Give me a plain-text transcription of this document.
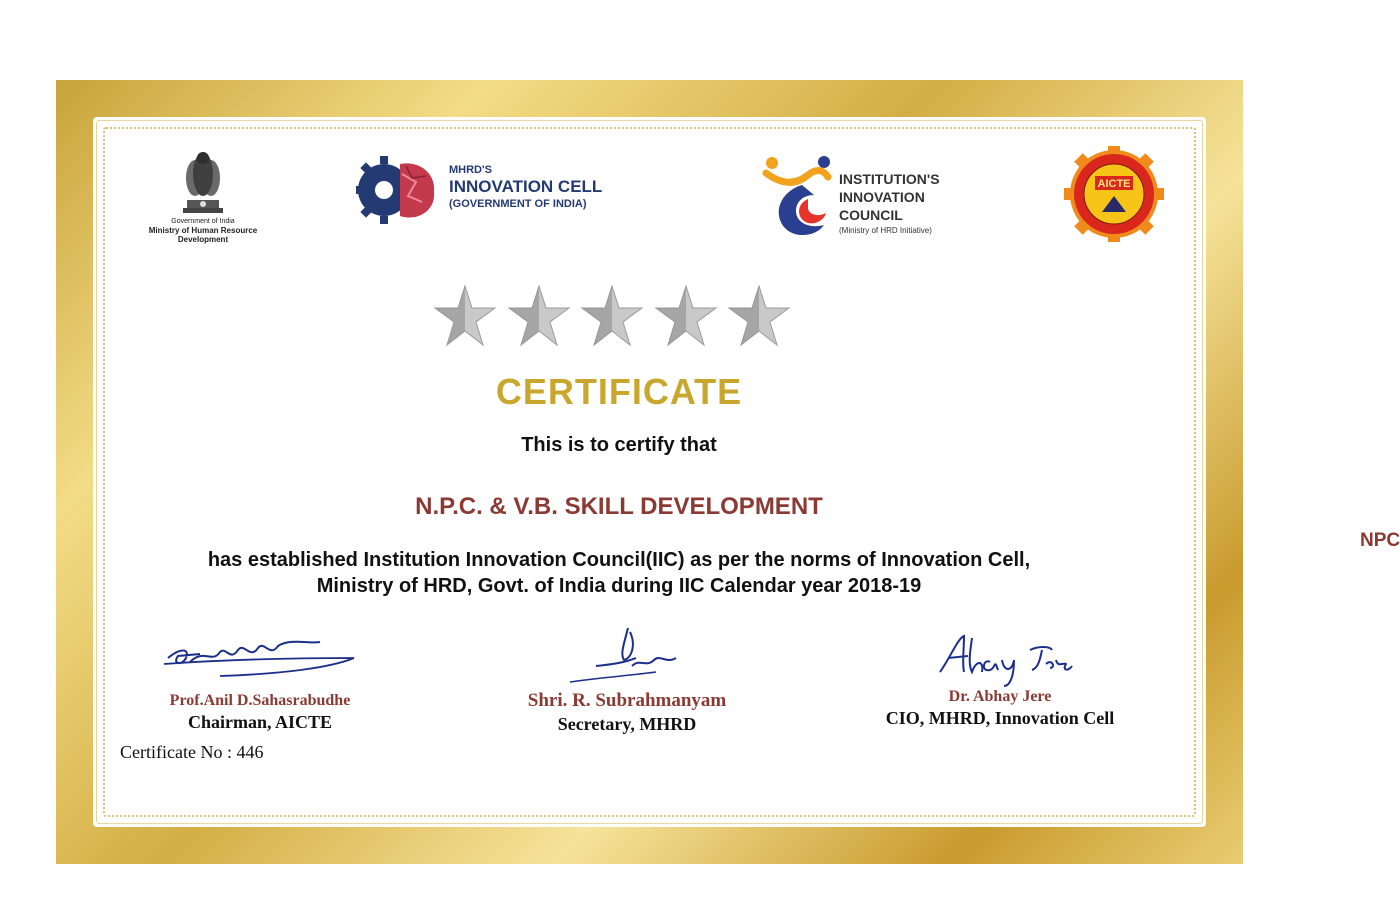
Government of India
Ministry of Human Resource
Development
MHRD'S
INNOVATION CELL
(GOVERNMENT OF INDIA)
INSTITUTION'S
INNOVATION
COUNCIL
(Ministry of HRD Initiative)
AICTE
CERTIFICATE
This is to certify that
N.P.C. & V.B. SKILL DEVELOPMENT
has established Institution Innovation Council(IIC) as per the norms of Innovation Cell,
Ministry of HRD, Govt. of India during IIC Calendar year 2018-19
Prof.Anil D.Sahasrabudhe
Chairman, AICTE
Shri. R. Subrahmanyam
Secretary, MHRD
Dr. Abhay Jere
CIO, MHRD, Innovation Cell
Certificate No : 446
NPC
